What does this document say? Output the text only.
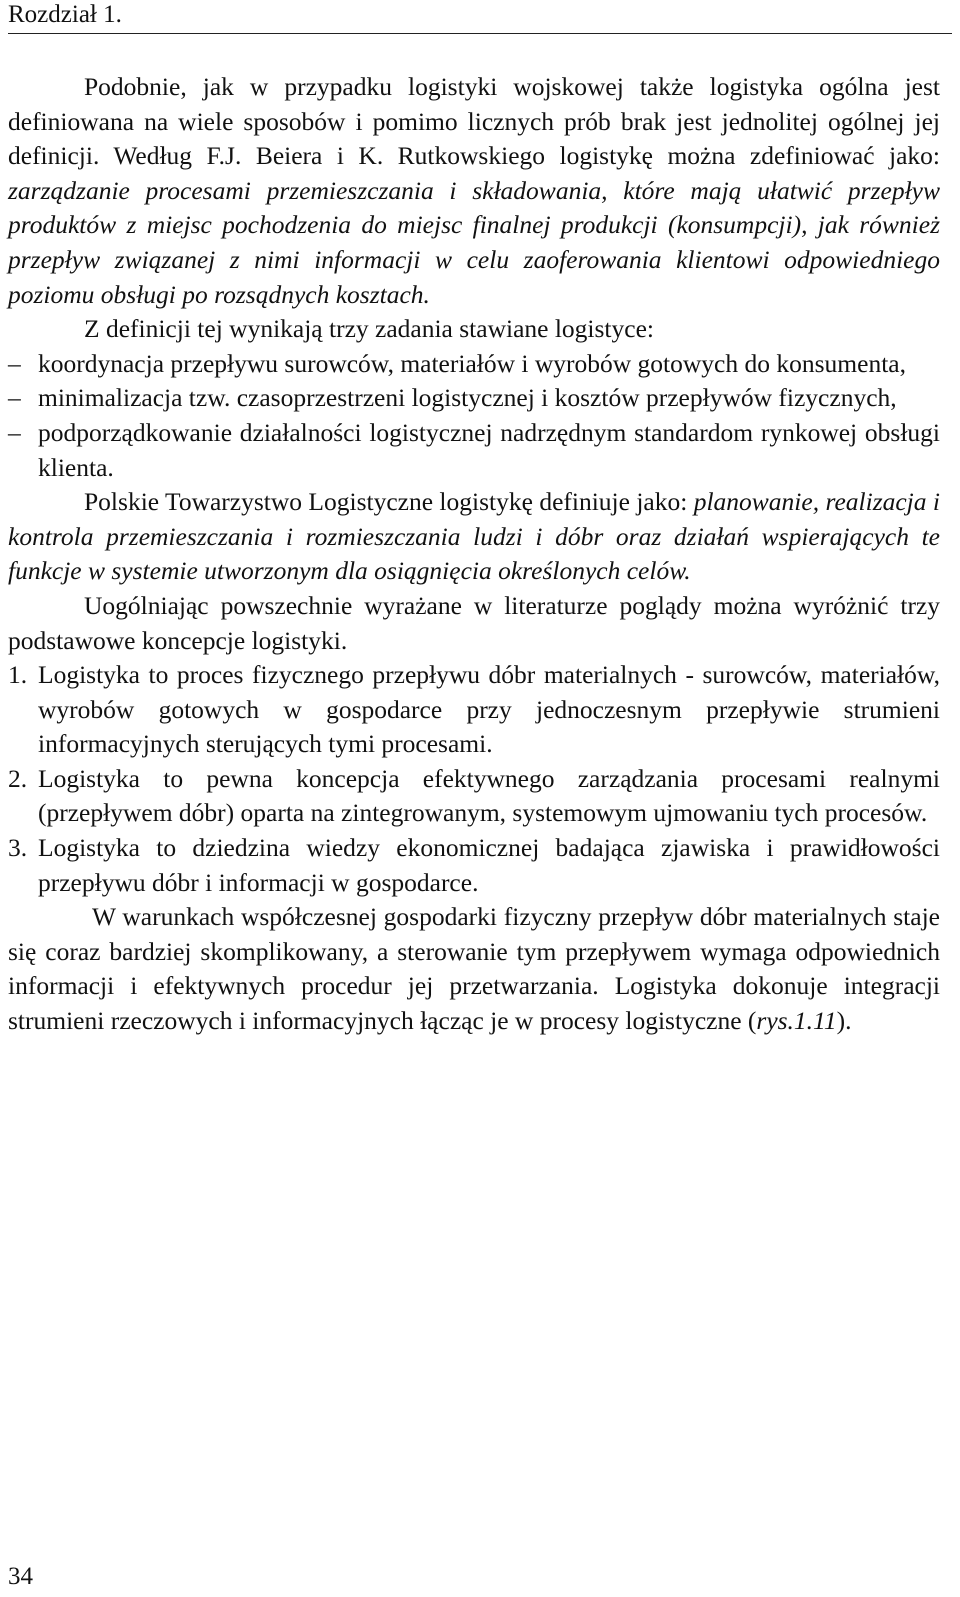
Rozdział 1.

Podobnie, jak w przypadku logistyki wojskowej także logistyka ogólna jest definiowana na wiele sposobów i pomimo licznych prób brak jest jednolitej ogólnej jej definicji. Według F.J. Beiera i K. Rutkowskiego logistykę można zdefiniować jako: zarządzanie procesami przemieszczania i składowania, które mają ułatwić przepływ produktów z miejsc pochodzenia do miejsc finalnej produkcji (konsumpcji), jak również przepływ związanej z nimi informacji w celu zaoferowania klientowi odpowiedniego poziomu obsługi po rozsądnych kosztach.

Z definicji tej wynikają trzy zadania stawiane logistyce:

– koordynacja przepływu surowców, materiałów i wyrobów gotowych do konsumenta,
– minimalizacja tzw. czasoprzestrzeni logistycznej i kosztów przepływów fizycznych,
– podporządkowanie działalności logistycznej nadrzędnym standardom rynkowej obsługi klienta.

Polskie Towarzystwo Logistyczne logistykę definiuje jako: planowanie, realizacja i kontrola przemieszczania i rozmieszczania ludzi i dóbr oraz działań wspierających te funkcje w systemie utworzonym dla osiągnięcia określonych celów.

Uogólniając powszechnie wyrażane w literaturze poglądy można wyróżnić trzy podstawowe koncepcje logistyki.

1. Logistyka to proces fizycznego przepływu dóbr materialnych - surowców, materiałów, wyrobów gotowych w gospodarce przy jednoczesnym przepływie strumieni informacyjnych sterujących tymi procesami.
2. Logistyka to pewna koncepcja efektywnego zarządzania procesami realnymi (przepływem dóbr) oparta na zintegrowanym, systemowym ujmowaniu tych procesów.
3. Logistyka to dziedzina wiedzy ekonomicznej badająca zjawiska i prawidłowości przepływu dóbr i informacji w gospodarce.

W warunkach współczesnej gospodarki fizyczny przepływ dóbr materialnych staje się coraz bardziej skomplikowany, a sterowanie tym przepływem wymaga odpowiednich informacji i efektywnych procedur jej przetwarzania. Logistyka dokonuje integracji strumieni rzeczowych i informacyjnych łącząc je w procesy logistyczne (rys.1.11).

34
